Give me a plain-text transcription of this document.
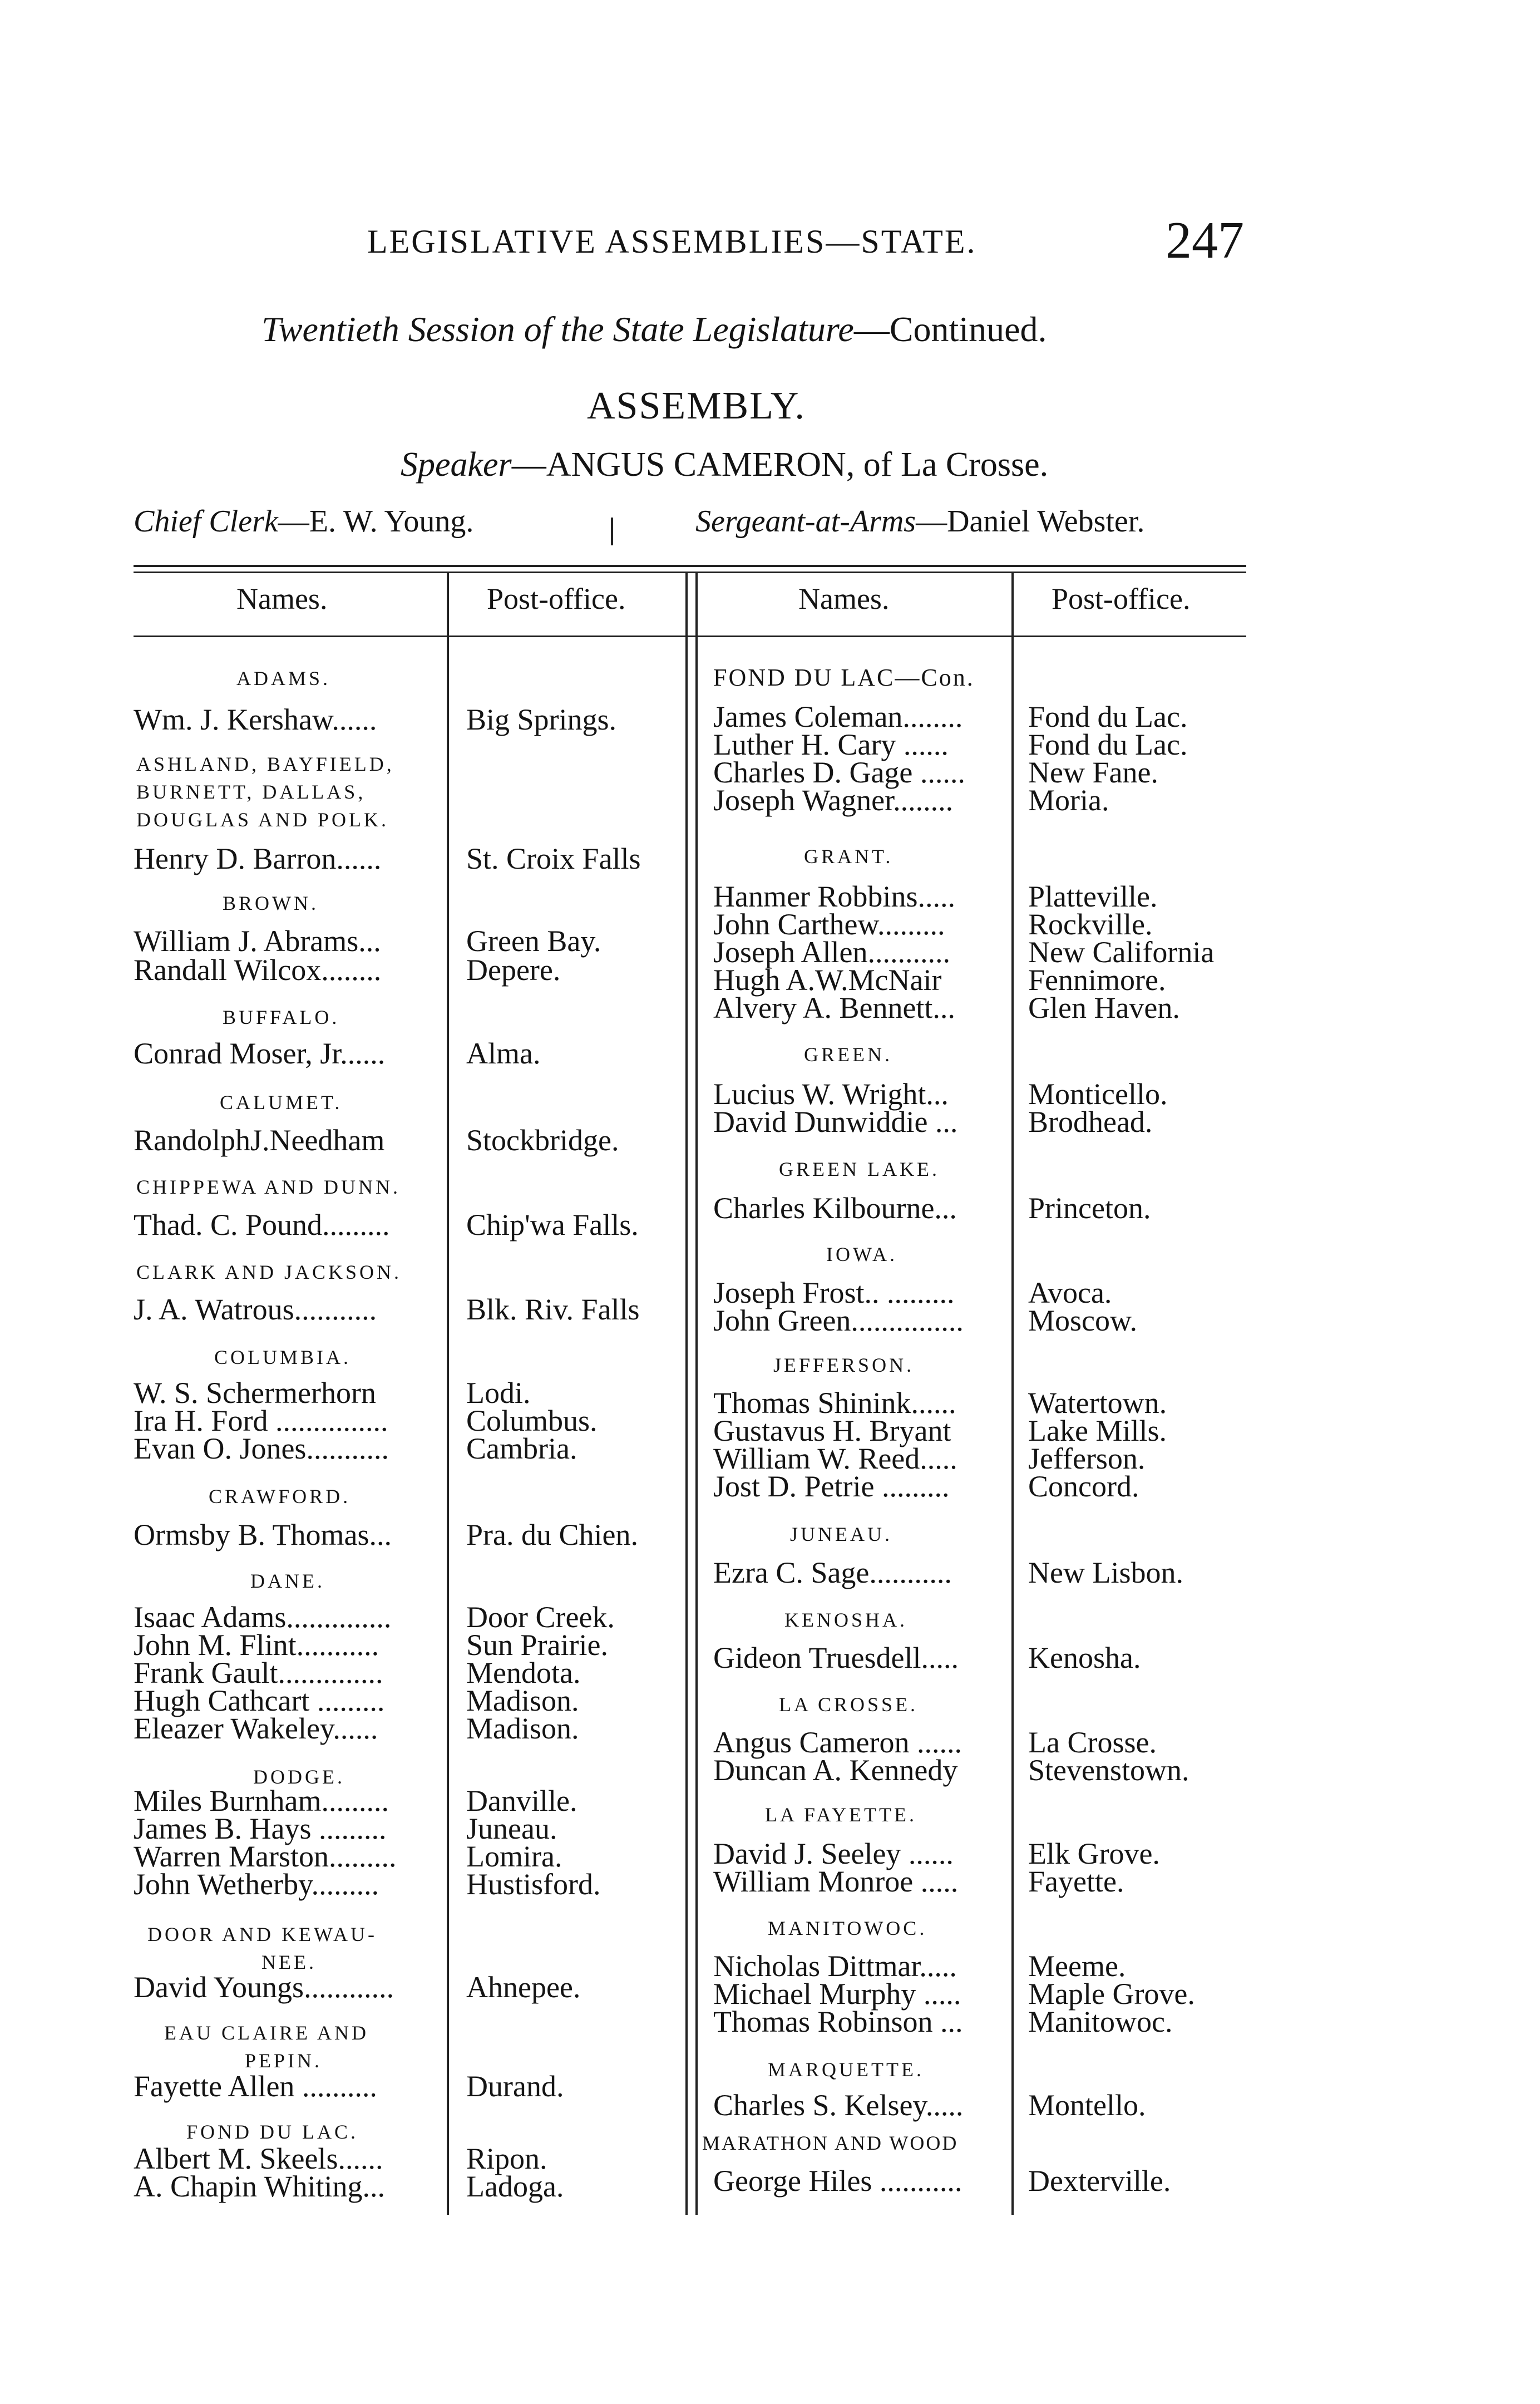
LEGISLATIVE ASSEMBLIES—STATE.	247
Twentieth Session of the State Legislature—Continued.
ASSEMBLY.
Speaker—ANGUS CAMERON, of La Crosse.
Chief Clerk—E. W. Young.	Sergeant-at-Arms—Daniel Webster.
Names.	Post-office.	Names.	Post-office.
ADAMS.
ASHLAND, BAYFIELD,
BURNETT, DALLAS,
DOUGLAS AND POLK.
BROWN.
BUFFALO.
CALUMET.
CHIPPEWA AND DUNN.
CLARK AND JACKSON.
COLUMBIA.
CRAWFORD.
DANE.
DODGE.
DOOR AND KEWAU-
NEE.
EAU CLAIRE AND
PEPIN.
FOND DU LAC.
Wm. J. Kershaw......	Big Springs.
Henry D. Barron......	St. Croix Falls
William J. Abrams...	Green Bay.
Randall Wilcox........	Depere.
Conrad Moser, Jr......	Alma.
RandolphJ.Needham	Stockbridge.
Thad. C. Pound.........	Chip'wa Falls.
J. A. Watrous...........	Blk. Riv. Falls
W. S. Schermerhorn	Lodi.
Ira H. Ford ...............	Columbus.
Evan O. Jones...........	Cambria.
Ormsby B. Thomas... Pra. du Chien.
Isaac Adams.............. Door Creek.
John M. Flint...........	Sun Prairie.
Frank Gault..............	Mendota.
Hugh Cathcart .........	Madison.
Eleazer Wakeley......	Madison.
Miles Burnham.........	Danville.
James B. Hays .........	Juneau.
Warren Marston......... Lomira.
John Wetherby.........	Hustisford.
David Youngs............ Ahnepee.
Fayette Allen ..........	Durand.
Albert M. Skeels......	Ripon.
A. Chapin Whiting...	Ladoga.
FOND DU LAC—Con.
GRANT.
GREEN.
GREEN LAKE.
IOWA.
JEFFERSON.
JUNEAU.
KENOSHA.
LA CROSSE.
LA FAYETTE.
MANITOWOC.
MARQUETTE.
MARATHON AND WOOD
James Coleman........ Fond du Lac.
Luther H. Cary ......	Fond du Lac.
Charles D. Gage ...... New Fane.
Joseph Wagner........ Moria.
Hanmer Robbins..... Platteville.
John Carthew.........	Rockville.
Joseph Allen...........	New California
Hugh A.W.McNair	Fennimore.
Alvery A. Bennett... Glen Haven.
Lucius W. Wright...	Monticello.
David Dunwiddie ... Brodhead.
Charles Kilbourne... Princeton.
Joseph Frost.. ......... Avoca.
John Green............... Moscow.
Thomas Shinink...... Watertown.
Gustavus H. Bryant	Lake Mills.
William W. Reed..... Jefferson.
Jost D. Petrie .........	Concord.
Ezra C. Sage...........	New Lisbon.
Gideon Truesdell..... Kenosha.
Angus Cameron ...... La Crosse.
Duncan A. Kennedy Stevenstown.
David J. Seeley ...... Elk Grove.
William Monroe ..... Fayette.
Nicholas Dittmar..... Meeme.
Michael Murphy ..... Maple Grove.
Thomas Robinson ... Manitowoc.
Charles S. Kelsey..... Montello.
George Hiles ........... Dexterville.
